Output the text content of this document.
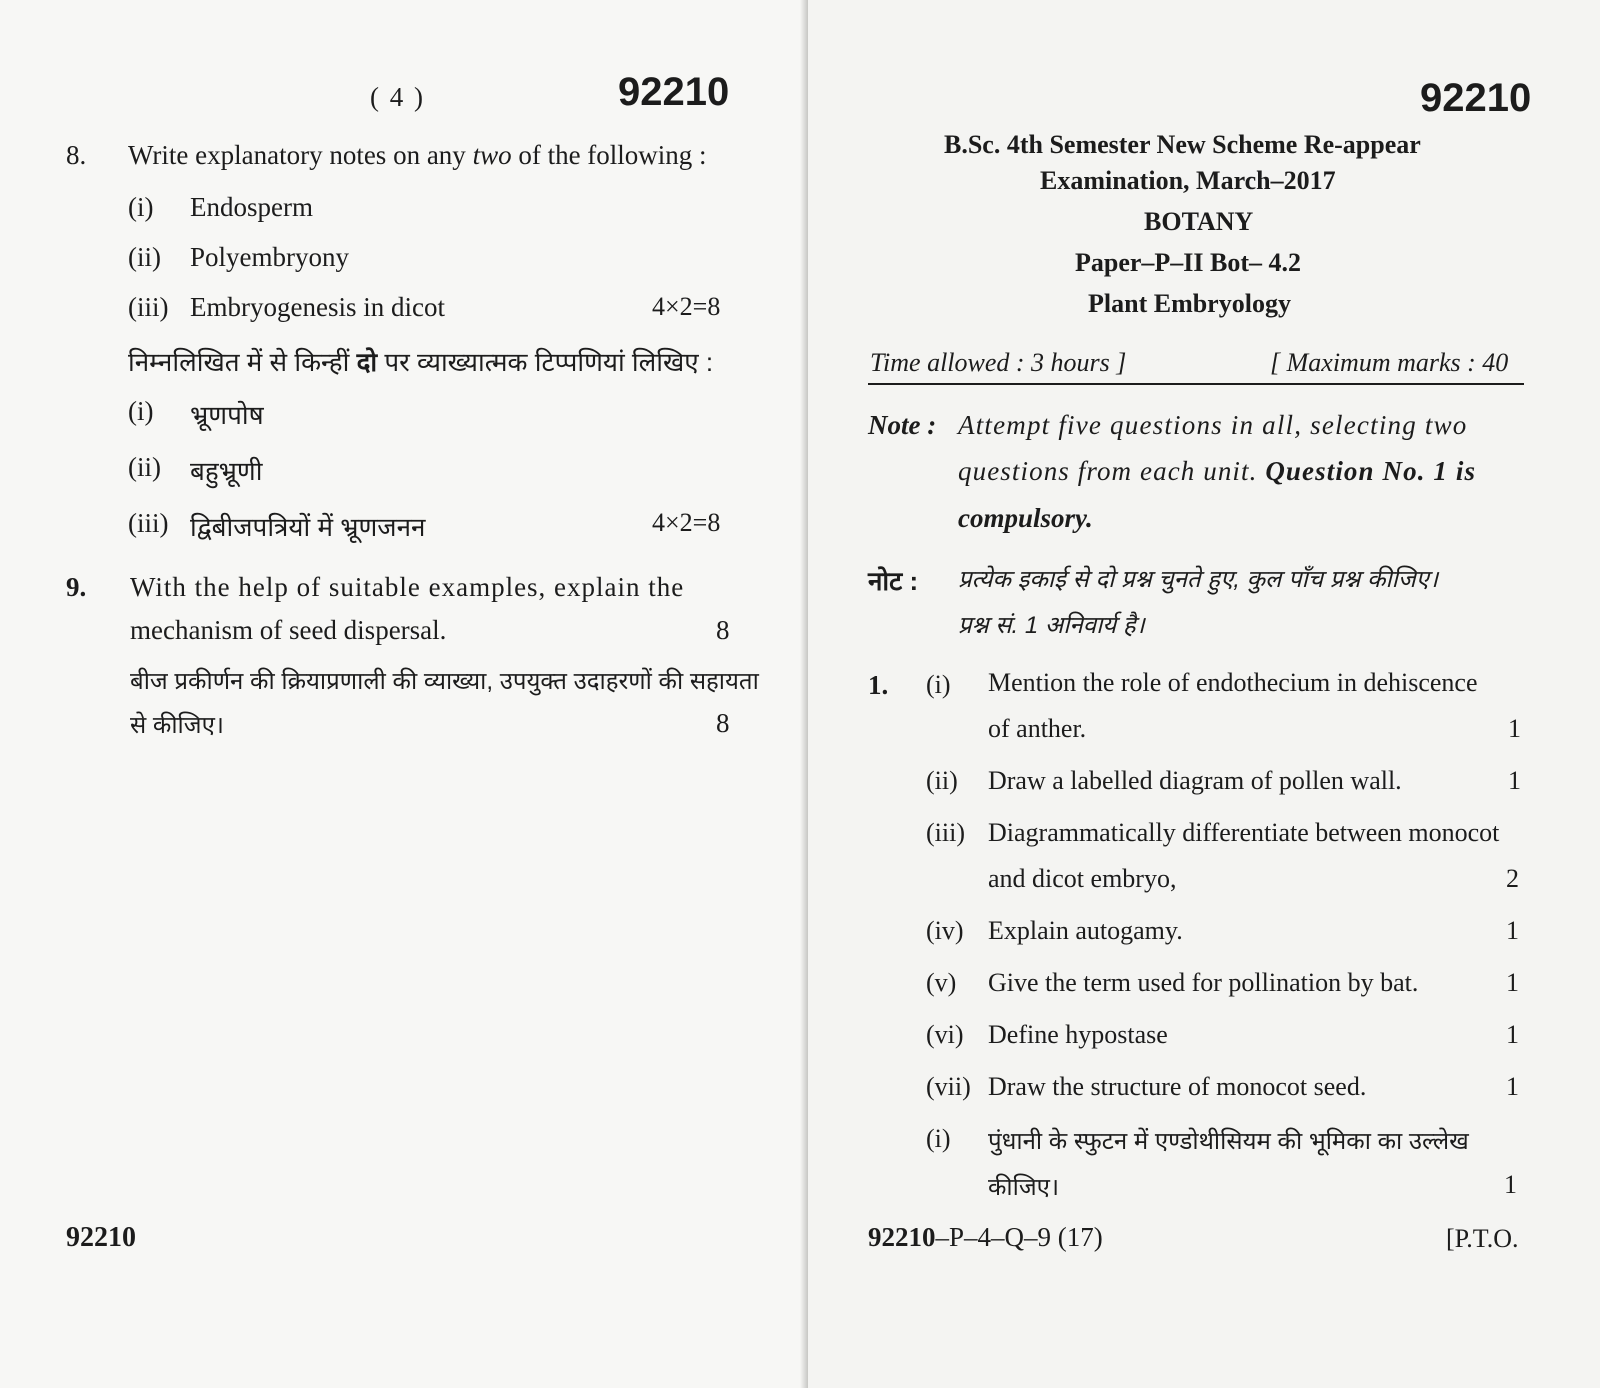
( 4 )	92210
8. Write explanatory notes on any two of the following :
(i) Endosperm
(ii) Polyembryony
(iii) Embryogenesis in dicot	4×2=8
निम्नलिखित में से किन्हीं दो पर व्याख्यात्मक टिप्पणियां लिखिए :
(i) भ्रूणपोष
(ii) बहुभ्रूणी
(iii) द्विबीजपत्रियों में भ्रूणजनन	4×2=8
9. With the help of suitable examples, explain the
mechanism of seed dispersal.	8
बीज प्रकीर्णन की क्रियाप्रणाली की व्याख्या, उपयुक्त उदाहरणों की सहायता
से कीजिए।	8
92210
92210
B.Sc. 4th Semester New Scheme Re-appear
Examination, March–2017
BOTANY
Paper–P–II Bot– 4.2
Plant Embryology
Time allowed : 3 hours ]	[ Maximum marks : 40
Note : Attempt five questions in all, selecting two
questions from each unit. Question No. 1 is
compulsory.
नोट : प्रत्येक इकाई से दो प्रश्न चुनते हुए, कुल पाँच प्रश्न कीजिए।
प्रश्न सं. 1 अनिवार्य है।
1. (i) Mention the role of endothecium in dehiscence
of anther.	1
(ii) Draw a labelled diagram of pollen wall.	1
(iii) Diagrammatically differentiate between monocot
and dicot embryo,	2
(iv) Explain autogamy.	1
(v) Give the term used for pollination by bat.	1
(vi) Define hypostase	1
(vii) Draw the structure of monocot seed.	1
(i) पुंधानी के स्फुटन में एण्डोथीसियम की भूमिका का उल्लेख
कीजिए।	1
92210–P–4–Q–9 (17)	[P.T.O.
